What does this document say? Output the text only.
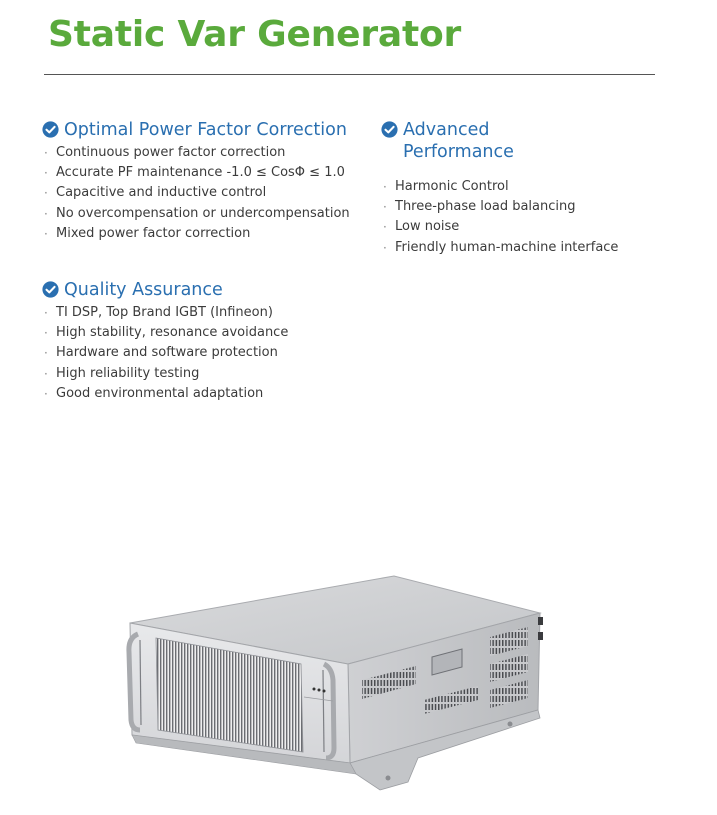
Static Var Generator
Optimal Power Factor Correction
· Continuous power factor correction
· Accurate PF maintenance -1.0 ≤ CosΦ ≤ 1.0
· Capacitive and inductive control
· No overcompensation or undercompensation
· Mixed power factor correction
Advanced Performance
· Harmonic Control
· Three-phase load balancing
· Low noise
· Friendly human-machine interface
Quality Assurance
· TI DSP, Top Brand IGBT (Infineon)
· High stability, resonance avoidance
· Hardware and software protection
· High reliability testing
· Good environmental adaptation
